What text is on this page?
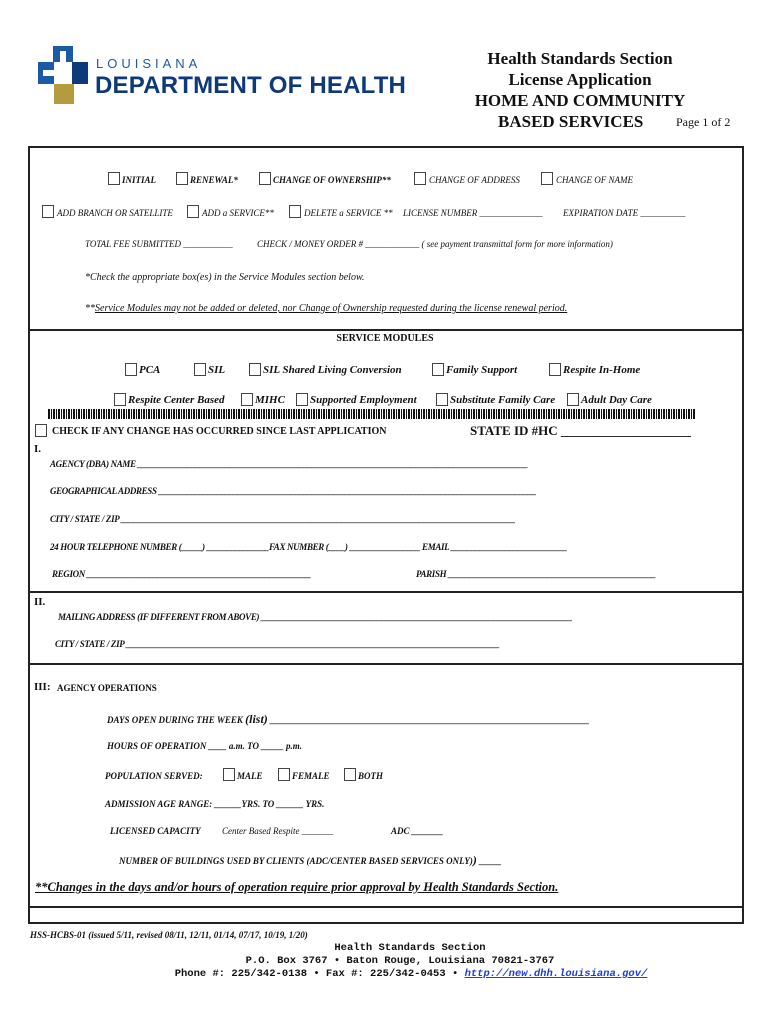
LOUISIANA
DEPARTMENT OF HEALTH
Health Standards Section
License Application
HOME AND COMMUNITY
BASED SERVICES	Page 1 of 2
INITIAL	RENEWAL*	CHANGE OF OWNERSHIP**	CHANGE OF ADDRESS	CHANGE OF NAME
ADD BRANCH OR SATELLITE	ADD a SERVICE**	DELETE a SERVICE ** LICENSE NUMBER ______________ EXPIRATION DATE __________
TOTAL FEE SUBMITTED ___________	CHECK / MONEY ORDER # ____________ ( see payment transmittal form for more information)
*Check the appropriate box(es) in the Service Modules section below.
**Service Modules may not be added or deleted, nor Change of Ownership requested during the license renewal period.
SERVICE MODULES
PCA	SIL	SIL Shared Living Conversion	Family Support	Respite In-Home
Respite Center Based	MIHC Supported Employment	Substitute Family Care Adult Day Care
CHECK IF ANY CHANGE HAS OCCURRED SINCE LAST APPLICATION	STATE ID #HC ____________________
I.
AGENCY (DBA) NAME ______________________________________________________________________________________________
GEOGRAPHICAL ADDRESS ___________________________________________________________________________________________
CITY / STATE / ZIP _______________________________________________________________________________________________
24 HOUR TELEPHONE NUMBER (_____) _______________FAX NUMBER (____) _________________ EMAIL ____________________________
REGION ______________________________________________________	PARISH __________________________________________________
II.
MAILING ADDRESS (IF DIFFERENT FROM ABOVE) ___________________________________________________________________________
CITY / STATE / ZIP __________________________________________________________________________________________
III: AGENCY OPERATIONS
DAYS OPEN DURING THE WEEK (list) _______________________________________________________________________
HOURS OF OPERATION ____ a.m. TO _____ p.m.
POPULATION SERVED:	MALE	FEMALE	BOTH
ADMISSION AGE RANGE: ______YRS. TO ______ YRS.
LICENSED CAPACITY Center Based Respite _______	ADC _______
NUMBER OF BUILDINGS USED BY CLIENTS (ADC/CENTER BASED SERVICES ONLY)) _____
**Changes in the days and/or hours of operation require prior approval by Health Standards Section.
HSS-HCBS-01 (issued 5/11, revised 08/11, 12/11, 01/14, 07/17, 10/19, 1/20)
Health Standards Section
P.O. Box 3767 • Baton Rouge, Louisiana 70821-3767
Phone #: 225/342-0138 • Fax #: 225/342-0453 • http://new.dhh.louisiana.gov/
